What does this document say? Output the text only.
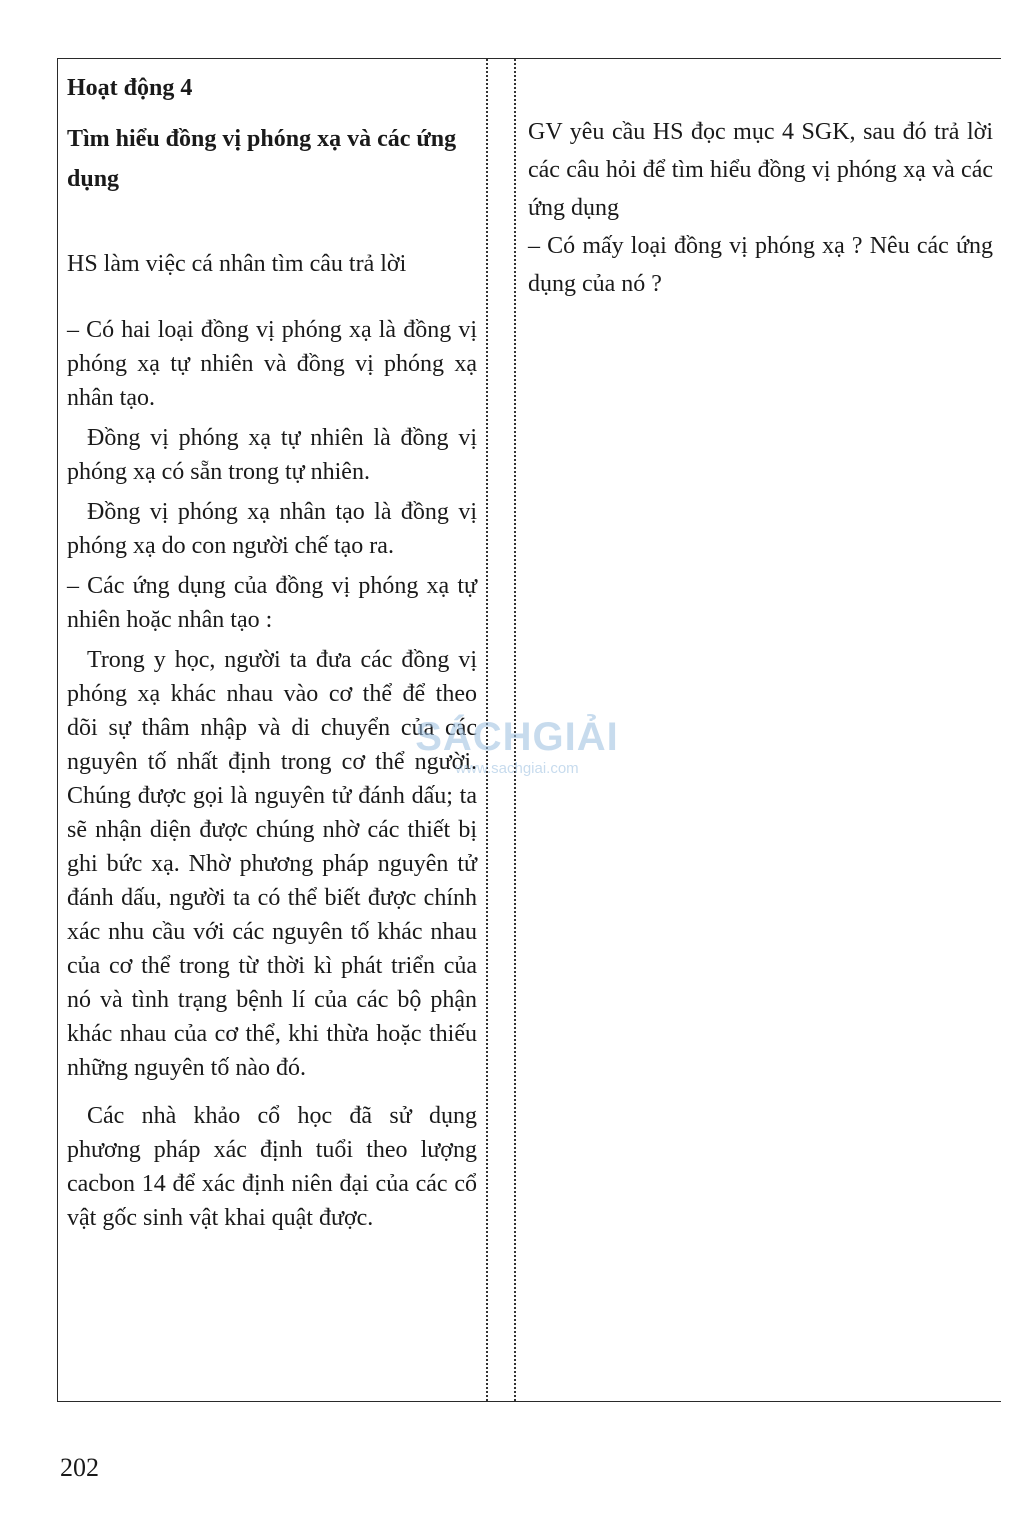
Hoạt động 4
Tìm hiểu đồng vị phóng xạ và các ứng dụng

HS làm việc cá nhân tìm câu trả lời

– Có hai loại đồng vị phóng xạ là đồng vị phóng xạ tự nhiên và đồng vị phóng xạ nhân tạo.

Đồng vị phóng xạ tự nhiên là đồng vị phóng xạ có sẵn trong tự nhiên.

Đồng vị phóng xạ nhân tạo là đồng vị phóng xạ do con người chế tạo ra.

– Các ứng dụng của đồng vị phóng xạ tự nhiên hoặc nhân tạo :

Trong y học, người ta đưa các đồng vị phóng xạ khác nhau vào cơ thể để theo dõi sự thâm nhập và di chuyển của các nguyên tố nhất định trong cơ thể người. Chúng được gọi là nguyên tử đánh dấu; ta sẽ nhận diện được chúng nhờ các thiết bị ghi bức xạ. Nhờ phương pháp nguyên tử đánh dấu, người ta có thể biết được chính xác nhu cầu với các nguyên tố khác nhau của cơ thể trong từ thời kì phát triển của nó và tình trạng bệnh lí của các bộ phận khác nhau của cơ thể, khi thừa hoặc thiếu những nguyên tố nào đó.

Các nhà khảo cổ học đã sử dụng phương pháp xác định tuổi theo lượng cacbon 14 để xác định niên đại của các cổ vật gốc sinh vật khai quật được.

GV yêu cầu HS đọc mục 4 SGK, sau đó trả lời các câu hỏi để tìm hiểu đồng vị phóng xạ và các ứng dụng

– Có mấy loại đồng vị phóng xạ ? Nêu các ứng dụng của nó ?

SÁCHGIẢI
www.sachgiai.com
202
